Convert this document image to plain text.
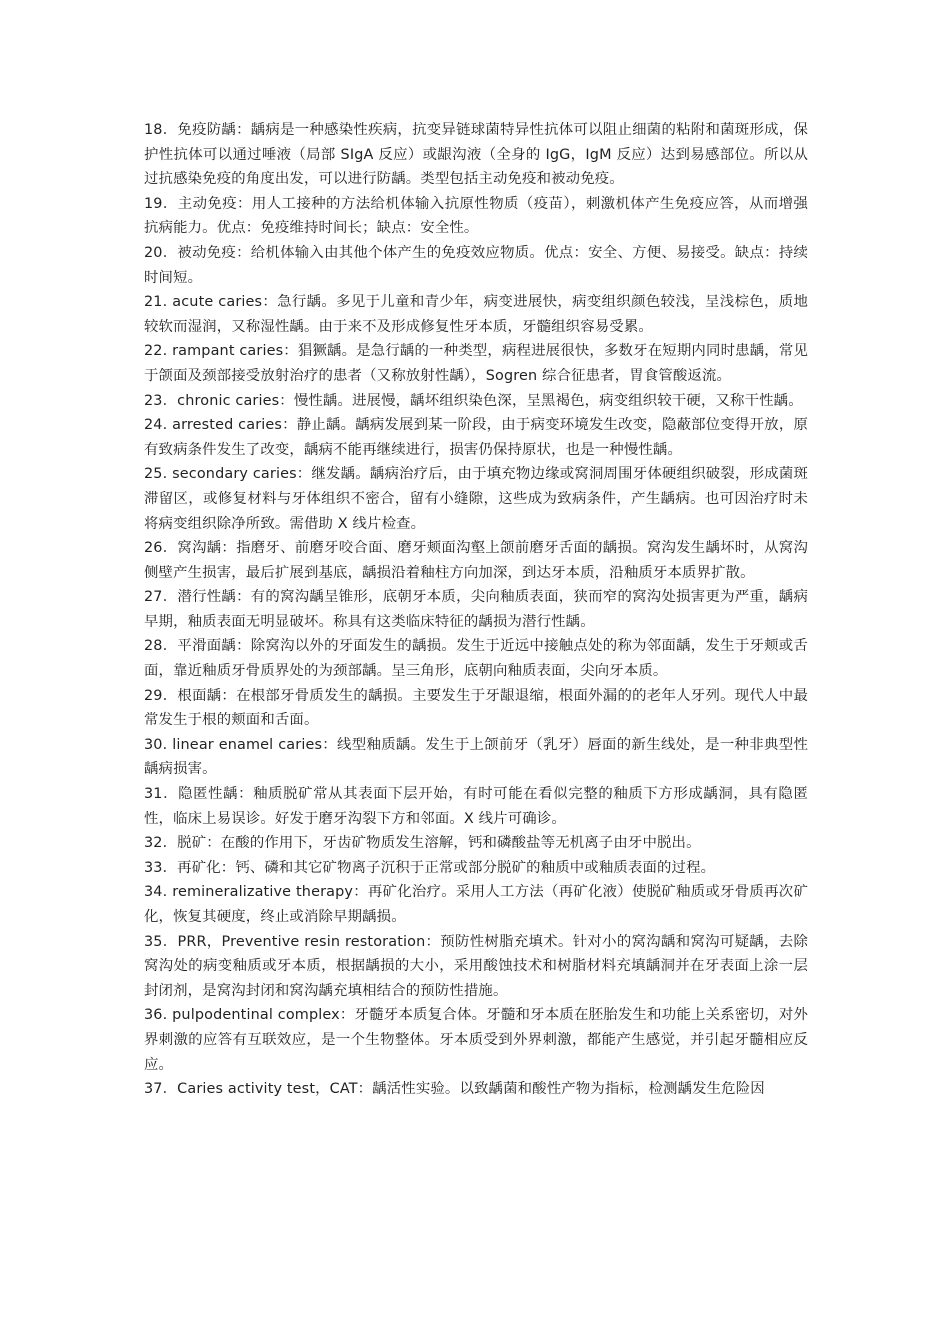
18．免疫防龋：龋病是一种感染性疾病，抗变异链球菌特异性抗体可以阻止细菌的粘附和菌斑形成，保护性抗体可以通过唾液（局部 SIgA 反应）或龈沟液（全身的 IgG，IgM 反应）达到易感部位。所以从过抗感染免疫的角度出发，可以进行防龋。类型包括主动免疫和被动免疫。

19．主动免疫：用人工接种的方法给机体输入抗原性物质（疫苗），刺激机体产生免疫应答，从而增强抗病能力。优点：免疫维持时间长；缺点：安全性。

20．被动免疫：给机体输入由其他个体产生的免疫效应物质。优点：安全、方便、易接受。缺点：持续时间短。

21. acute caries：急行龋。多见于儿童和青少年，病变进展快，病变组织颜色较浅，呈浅棕色，质地较软而湿润，又称湿性龋。由于来不及形成修复性牙本质，牙髓组织容易受累。

22. rampant caries：猖獗龋。是急行龋的一种类型，病程进展很快，多数牙在短期内同时患龋，常见于颌面及颈部接受放射治疗的患者（又称放射性龋），Sogren 综合征患者，胃食管酸返流。

23．chronic caries：慢性龋。进展慢，龋坏组织染色深，呈黑褐色，病变组织较干硬，又称干性龋。

24. arrested caries：静止龋。龋病发展到某一阶段，由于病变环境发生改变，隐蔽部位变得开放，原有致病条件发生了改变，龋病不能再继续进行，损害仍保持原状，也是一种慢性龋。

25. secondary caries：继发龋。龋病治疗后，由于填充物边缘或窝洞周围牙体硬组织破裂，形成菌斑滞留区，或修复材料与牙体组织不密合，留有小缝隙，这些成为致病条件，产生龋病。也可因治疗时未将病变组织除净所致。需借助 X 线片检查。

26．窝沟龋：指磨牙、前磨牙咬合面、磨牙颊面沟壑上颌前磨牙舌面的龋损。窝沟发生龋坏时，从窝沟侧壁产生损害，最后扩展到基底，龋损沿着釉柱方向加深，到达牙本质，沿釉质牙本质界扩散。

27．潜行性龋：有的窝沟龋呈锥形，底朝牙本质，尖向釉质表面，狭而窄的窝沟处损害更为严重，龋病早期，釉质表面无明显破坏。称具有这类临床特征的龋损为潜行性龋。

28．平滑面龋：除窝沟以外的牙面发生的龋损。发生于近远中接触点处的称为邻面龋，发生于牙颊或舌面，靠近釉质牙骨质界处的为颈部龋。呈三角形，底朝向釉质表面，尖向牙本质。

29．根面龋：在根部牙骨质发生的龋损。主要发生于牙龈退缩，根面外漏的的老年人牙列。现代人中最常发生于根的颊面和舌面。

30. linear enamel caries：线型釉质龋。发生于上颌前牙（乳牙）唇面的新生线处，是一种非典型性龋病损害。

31．隐匿性龋：釉质脱矿常从其表面下层开始，有时可能在看似完整的釉质下方形成龋洞，具有隐匿性，临床上易误诊。好发于磨牙沟裂下方和邻面。X 线片可确诊。

32．脱矿：在酸的作用下，牙齿矿物质发生溶解，钙和磷酸盐等无机离子由牙中脱出。

33．再矿化：钙、磷和其它矿物离子沉积于正常或部分脱矿的釉质中或釉质表面的过程。

34. remineralizative therapy：再矿化治疗。采用人工方法（再矿化液）使脱矿釉质或牙骨质再次矿化，恢复其硬度，终止或消除早期龋损。

35．PRR，Preventive resin restoration：预防性树脂充填术。针对小的窝沟龋和窝沟可疑龋，去除窝沟处的病变釉质或牙本质，根据龋损的大小，采用酸蚀技术和树脂材料充填龋洞并在牙表面上涂一层封闭剂，是窝沟封闭和窝沟龋充填相结合的预防性措施。

36. pulpodentinal complex：牙髓牙本质复合体。牙髓和牙本质在胚胎发生和功能上关系密切，对外界刺激的应答有互联效应，是一个生物整体。牙本质受到外界刺激，都能产生感觉，并引起牙髓相应反应。

37．Caries activity test，CAT：龋活性实验。以致龋菌和酸性产物为指标，检测龋发生危险因
